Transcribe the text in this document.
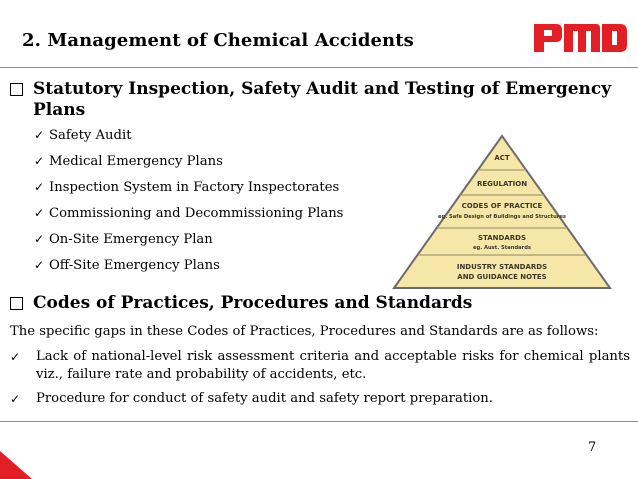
2. Management of Chemical Accidents
Statutory Inspection, Safety Audit and Testing of Emergency Plans
✓ Safety Audit
✓ Medical Emergency Plans
✓ Inspection System in Factory Inspectorates
✓ Commissioning and Decommissioning Plans
✓ On-Site Emergency Plan
✓ Off-Site Emergency Plans
ACT
REGULATION
CODES OF PRACTICE
eg. Safe Design of Buildings and Structures
STANDARDS
eg. Aust. Standards
INDUSTRY STANDARDS
AND GUIDANCE NOTES
Codes of Practices, Procedures and Standards
The specific gaps in these Codes of Practices, Procedures and Standards are as follows:
✓	Lack of national-level risk assessment criteria and acceptable risks for chemical plants viz., failure rate and probability of accidents, etc.
✓	Procedure for conduct of safety audit and safety report preparation.
7
